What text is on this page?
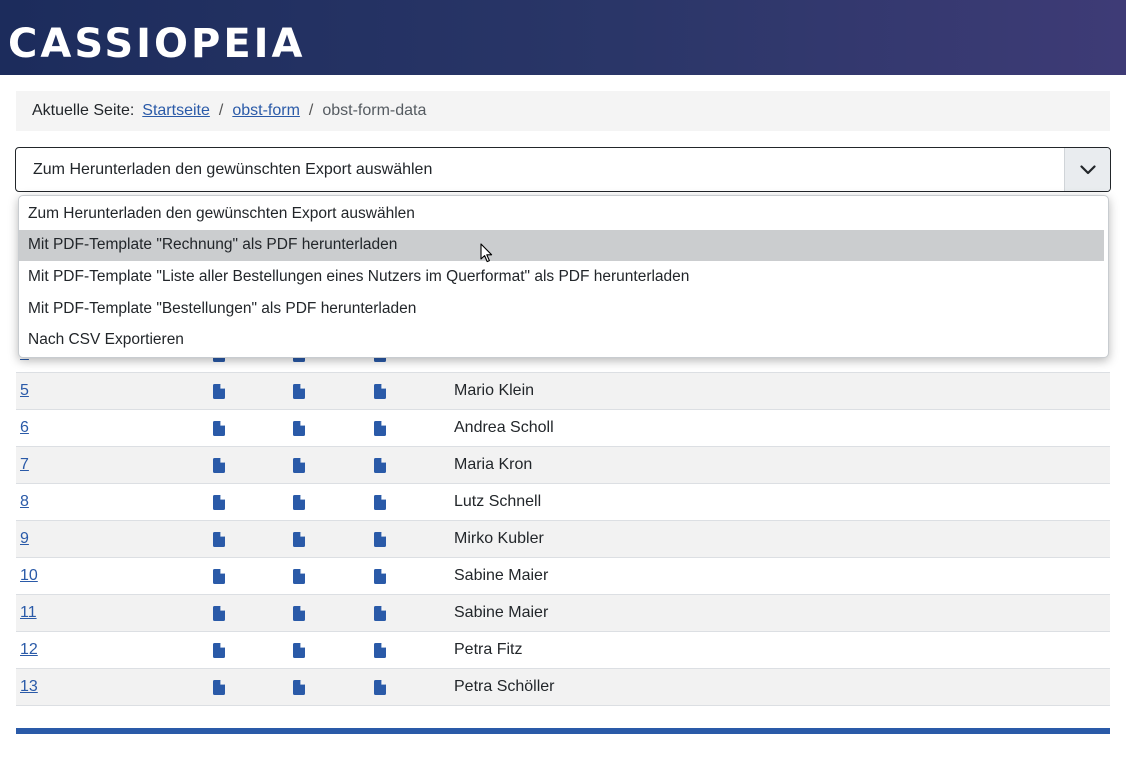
CASSIOPEIA
Aktuelle Seite: Startseite / obst-form / obst-form-data
Zum Herunterladen den gewünschten Export auswählen
5	Mario Klein
6	Andrea Scholl
7	Maria Kron
8	Lutz Schnell
9	Mirko Kubler
10	Sabine Maier
11	Sabine Maier
12	Petra Fitz
13	Petra Schöller
Zum Herunterladen den gewünschten Export auswählen
Mit PDF-Template "Rechnung" als PDF herunterladen
Mit PDF-Template "Liste aller Bestellungen eines Nutzers im Querformat" als PDF herunterladen
Mit PDF-Template "Bestellungen" als PDF herunterladen
Nach CSV Exportieren
